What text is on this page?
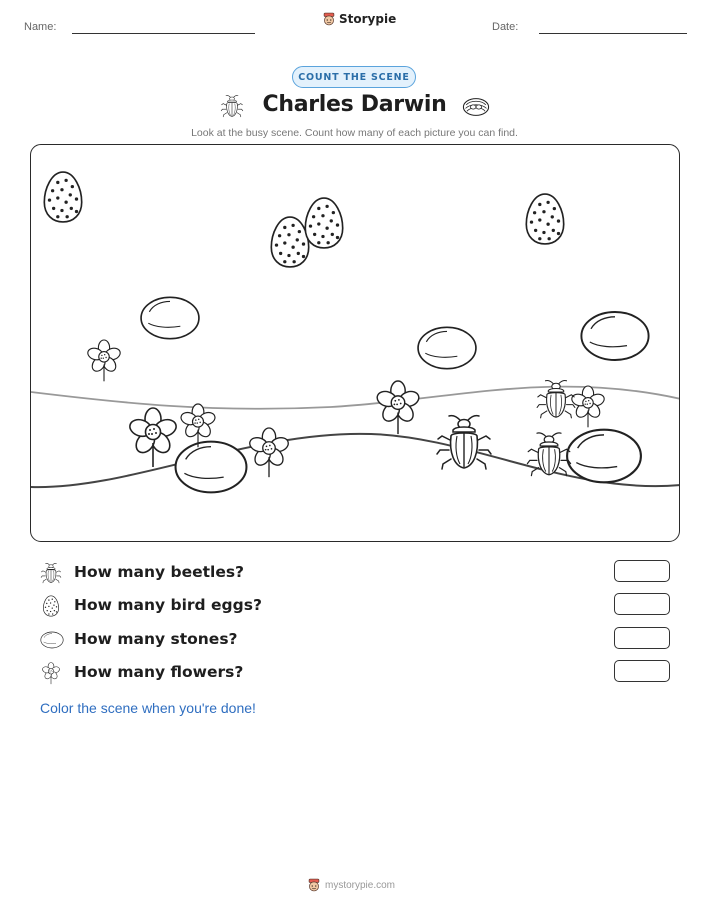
Name:
Storypie
Date:
COUNT THE SCENE
Charles Darwin
Look at the busy scene. Count how many of each picture you can find.
How many beetles?
How many bird eggs?
How many stones?
How many flowers?
Color the scene when you're done!
mystorypie.com
